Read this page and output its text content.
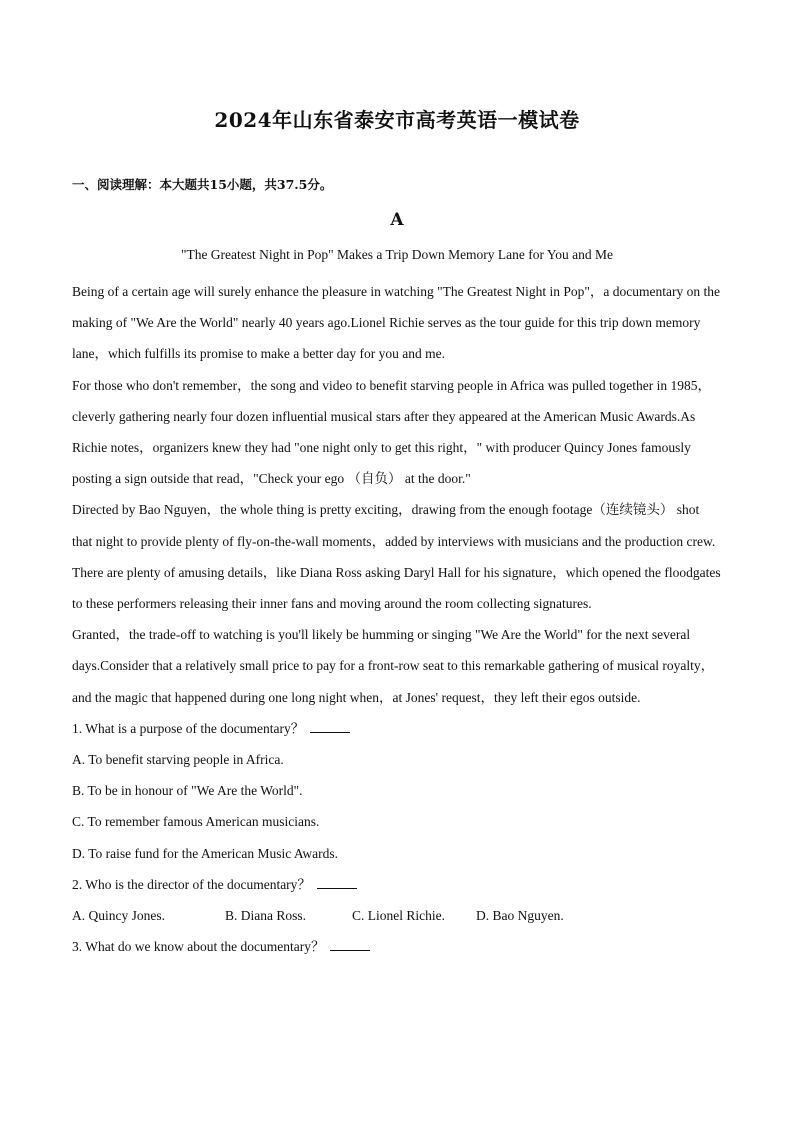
2024年山东省泰安市高考英语一模试卷
一、阅读理解：本大题共15小题，共37.5分。
A
"The Greatest Night in Pop" Makes a Trip Down Memory Lane for You and Me

Being of a certain age will surely enhance the pleasure in watching "The Greatest Night in Pop"，a documentary on the making of "We Are the World" nearly 40 years ago.Lionel Richie serves as the tour guide for this trip down memory lane，which fulfills its promise to make a better day for you and me.

For those who don't remember，the song and video to benefit starving people in Africa was pulled together in 1985，cleverly gathering nearly four dozen influential musical stars after they appeared at the American Music Awards.As Richie notes，organizers knew they had "one night only to get this right，" with producer Quincy Jones famously posting a sign outside that read，"Check your ego （自负） at the door."

Directed by Bao Nguyen，the whole thing is pretty exciting，drawing from the enough footage（连续镜头） shot that night to provide plenty of fly-on-the-wall moments，added by interviews with musicians and the production crew.

There are plenty of amusing details，like Diana Ross asking Daryl Hall for his signature，which opened the floodgates to these performers releasing their inner fans and moving around the room collecting signatures.

Granted，the trade-off to watching is you'll likely be humming or singing "We Are the World" for the next several days.Consider that a relatively small price to pay for a front-row seat to this remarkable gathering of musical royalty，and the magic that happened during one long night when，at Jones' request，they left their egos outside.

1. What is a purpose of the documentary？

A. To benefit starving people in Africa.

B. To be in honour of "We Are the World".

C. To remember famous American musicians.

D. To raise fund for the American Music Awards.

2. Who is the director of the documentary？

A. Quincy Jones.	B. Diana Ross.	C. Lionel Richie.	D. Bao Nguyen.

3. What do we know about the documentary？
